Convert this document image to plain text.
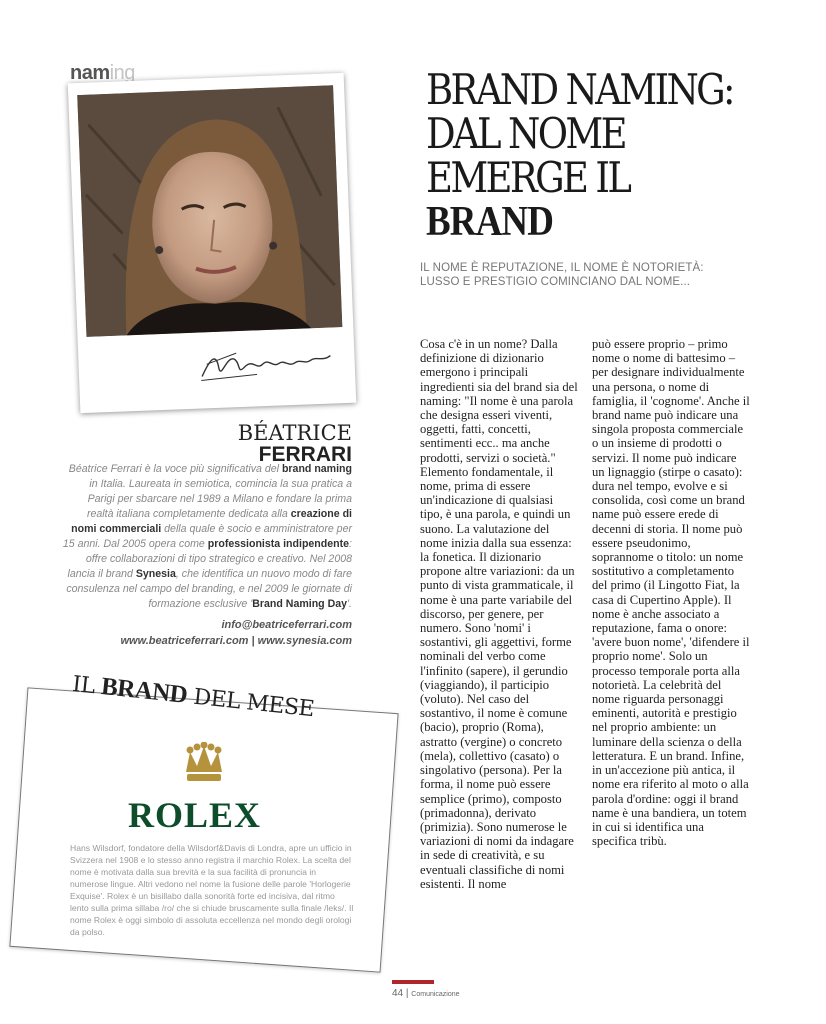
naming
BÉATRICE
FERRARI
Béatrice Ferrari è la voce più significativa del brand naming in Italia. Laureata in semiotica, comincia la sua pratica a Parigi per sbarcare nel 1989 a Milano e fondare la prima realtà italiana completamente dedicata alla creazione di nomi commerciali della quale è socio e amministratore per 15 anni. Dal 2005 opera come professionista indipendente: offre collaborazioni di tipo strategico e creativo. Nel 2008 lancia il brand Synesia, che identifica un nuovo modo di fare consulenza nel campo del branding, e nel 2009 le giornate di formazione esclusive 'Brand Naming Day'.
info@beatriceferrari.com
www.beatriceferrari.com | www.synesia.com
IL BRAND DEL MESE
ROLEX
Hans Wilsdorf, fondatore della Wilsdorf&Davis di Londra, apre un ufficio in Svizzera nel 1908 e lo stesso anno registra il marchio Rolex. La scelta del nome è motivata dalla sua brevità e la sua facilità di pronuncia in numerose lingue. Altri vedono nel nome la fusione delle parole 'Horlogerie Exquise'. Rolex è un bisillabo dalla sonorità forte ed incisiva, dal ritmo lento sulla prima sillaba /ro/ che si chiude bruscamente sulla finale /leks/. Il nome Rolex è oggi simbolo di assoluta eccellenza nel mondo degli orologi da polso.
BRAND NAMING:
DAL NOME
EMERGE IL
BRAND
IL NOME È REPUTAZIONE, IL NOME È NOTORIETÀ:
LUSSO E PRESTIGIO COMINCIANO DAL NOME...
Cosa c'è in un nome? Dalla definizione di dizionario emergono i principali ingredienti sia del brand sia del naming: "Il nome è una parola che designa esseri viventi, oggetti, fatti, concetti, sentimenti ecc.. ma anche prodotti, servizi o società." Elemento fondamentale, il nome, prima di essere un'indicazione di qualsiasi tipo, è una parola, e quindi un suono. La valutazione del nome inizia dalla sua essenza: la fonetica. Il dizionario propone altre variazioni: da un punto di vista grammaticale, il nome è una parte variabile del discorso, per genere, per numero. Sono 'nomi' i sostantivi, gli aggettivi, forme nominali del verbo come l'infinito (sapere), il gerundio (viaggiando), il participio (voluto). Nel caso del sostantivo, il nome è comune (bacio), proprio (Roma), astratto (vergine) o concreto (mela), collettivo (casato) o singolativo (persona). Per la forma, il nome può essere semplice (primo), composto (primadonna), derivato (primizia). Sono numerose le variazioni di nomi da indagare in sede di creatività, e su eventuali classifiche di nomi esistenti. Il nome
può essere proprio – primo nome o nome di battesimo – per designare individualmente una persona, o nome di famiglia, il 'cognome'. Anche il brand name può indicare una singola proposta commerciale o un insieme di prodotti o servizi. Il nome può indicare un lignaggio (stirpe o casato): dura nel tempo, evolve e si consolida, così come un brand name può essere erede di decenni di storia. Il nome può essere pseudonimo, soprannome o titolo: un nome sostitutivo a completamento del primo (il Lingotto Fiat, la casa di Cupertino Apple). Il nome è anche associato a reputazione, fama o onore: 'avere buon nome', 'difendere il proprio nome'. Solo un processo temporale porta alla notorietà. La celebrità del nome riguarda personaggi eminenti, autorità e prestigio nel proprio ambiente: un luminare della scienza o della letteratura. E un brand. Infine, in un'accezione più antica, il nome era riferito al moto o alla parola d'ordine: oggi il brand name è una bandiera, un totem in cui si identifica una specifica tribù.
44 | Comunicazione
